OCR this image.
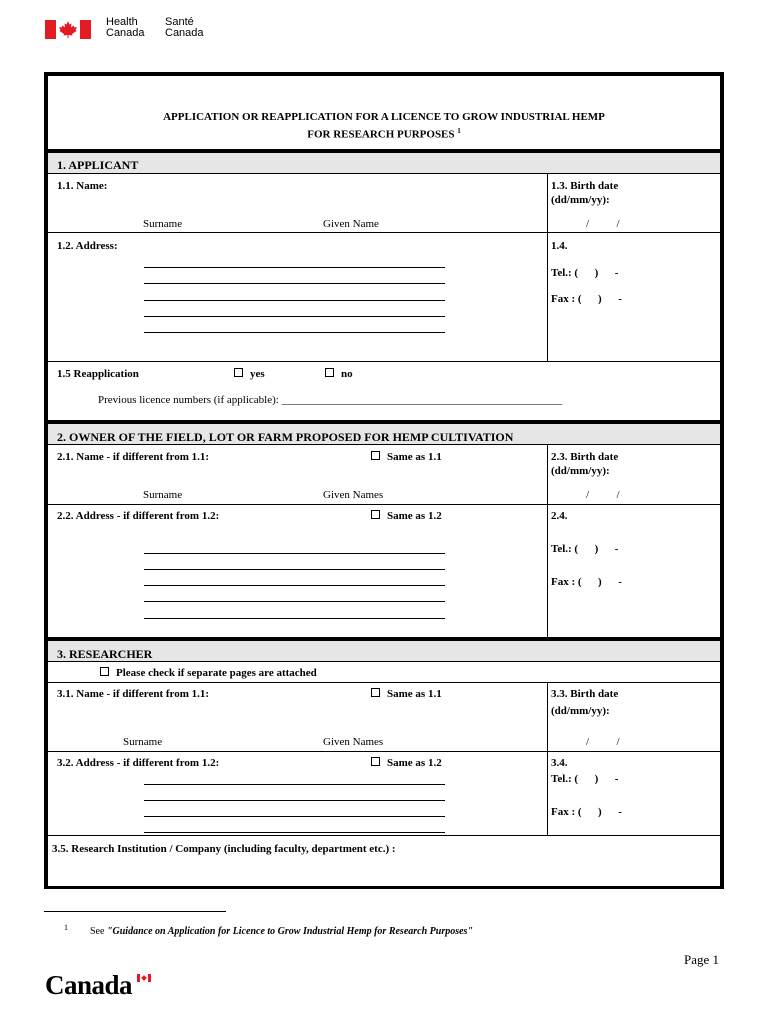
Health
Canada
Santé
Canada
APPLICATION OR REAPPLICATION FOR A LICENCE TO GROW INDUSTRIAL HEMP
FOR RESEARCH PURPOSES $^1$
1. APPLICANT
1.1. Name:	1.3. Birth date
(dd/mm/yy):
Surname	Given Name	/          /
1.2. Address:	1.4.
Tel.: (      )      -
Fax : (      )      -
1.5 Reapplication	yes	no
Previous licence numbers (if applicable): ___________________________________________________
2. OWNER OF THE FIELD, LOT OR FARM PROPOSED FOR HEMP CULTIVATION
2.1. Name - if different from 1.1:	Same as 1.1	2.3. Birth date
(dd/mm/yy):
Surname	Given Names	/          /
2.2. Address - if different from 1.2:	Same as 1.2	2.4.
Tel.: (      )      -
Fax : (      )      -
3. RESEARCHER
Please check if separate pages are attached
3.1. Name - if different from 1.1:	Same as 1.1	3.3. Birth date
(dd/mm/yy):
Surname	Given Names	/          /
3.2. Address - if different from 1.2:	Same as 1.2	3.4.
Tel.: (      )      -
Fax : (      )      -
3.5. Research Institution / Company (including faculty, department etc.) :
1 See "Guidance on Application for Licence to Grow Industrial Hemp for Research Purposes"
Page 1
Canada
